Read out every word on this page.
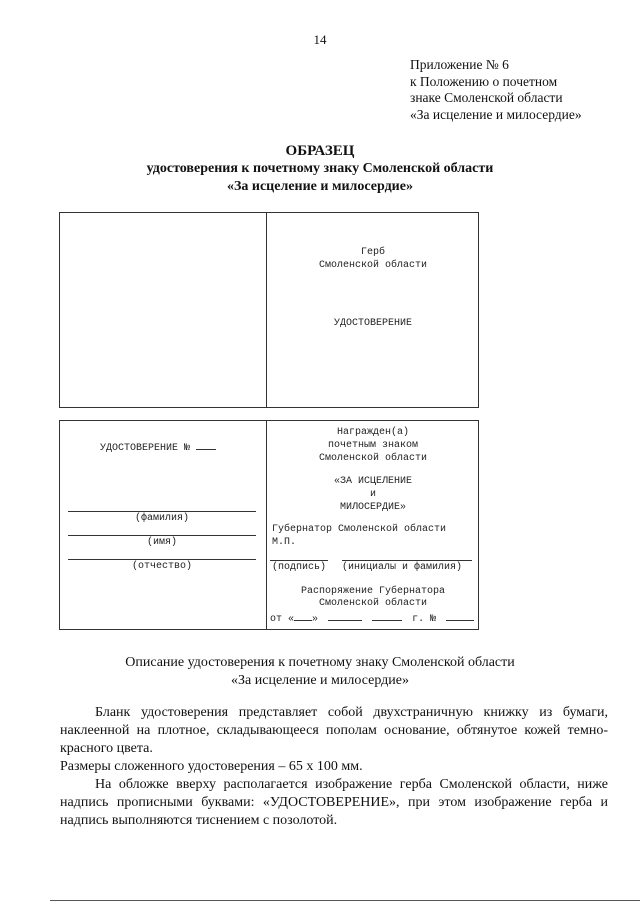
14
Приложение № 6
к Положению о почетном
знаке Смоленской области
«За исцеление и милосердие»
ОБРАЗЕЦ
удостоверения к почетному знаку Смоленской области
«За исцеление и милосердие»
Герб
Смоленской области
УДОСТОВЕРЕНИЕ
УДОСТОВЕРЕНИЕ №
(фамилия)
(имя)
(отчество)
Награжден(а)
почетным знаком
Смоленской области
«ЗА ИСЦЕЛЕНИЕ
и
МИЛОСЕРДИЕ»
Губернатор Смоленской области
М.П.
(подпись) (инициалы и фамилия)
Распоряжение Губернатора
Смоленской области
от « »	г. №
Описание удостоверения к почетному знаку Смоленской области
«За исцеление и милосердие»
Бланк удостоверения представляет собой двухстраничную книжку из бумаги, наклеенной на плотное, складывающееся пополам основание, обтянутое кожей темно-красного цвета.
Размеры сложенного удостоверения – 65 х 100 мм.
На обложке вверху располагается изображение герба Смоленской области, ниже надпись прописными буквами: «УДОСТОВЕРЕНИЕ», при этом изображение герба и надпись выполняются тиснением с позолотой.
